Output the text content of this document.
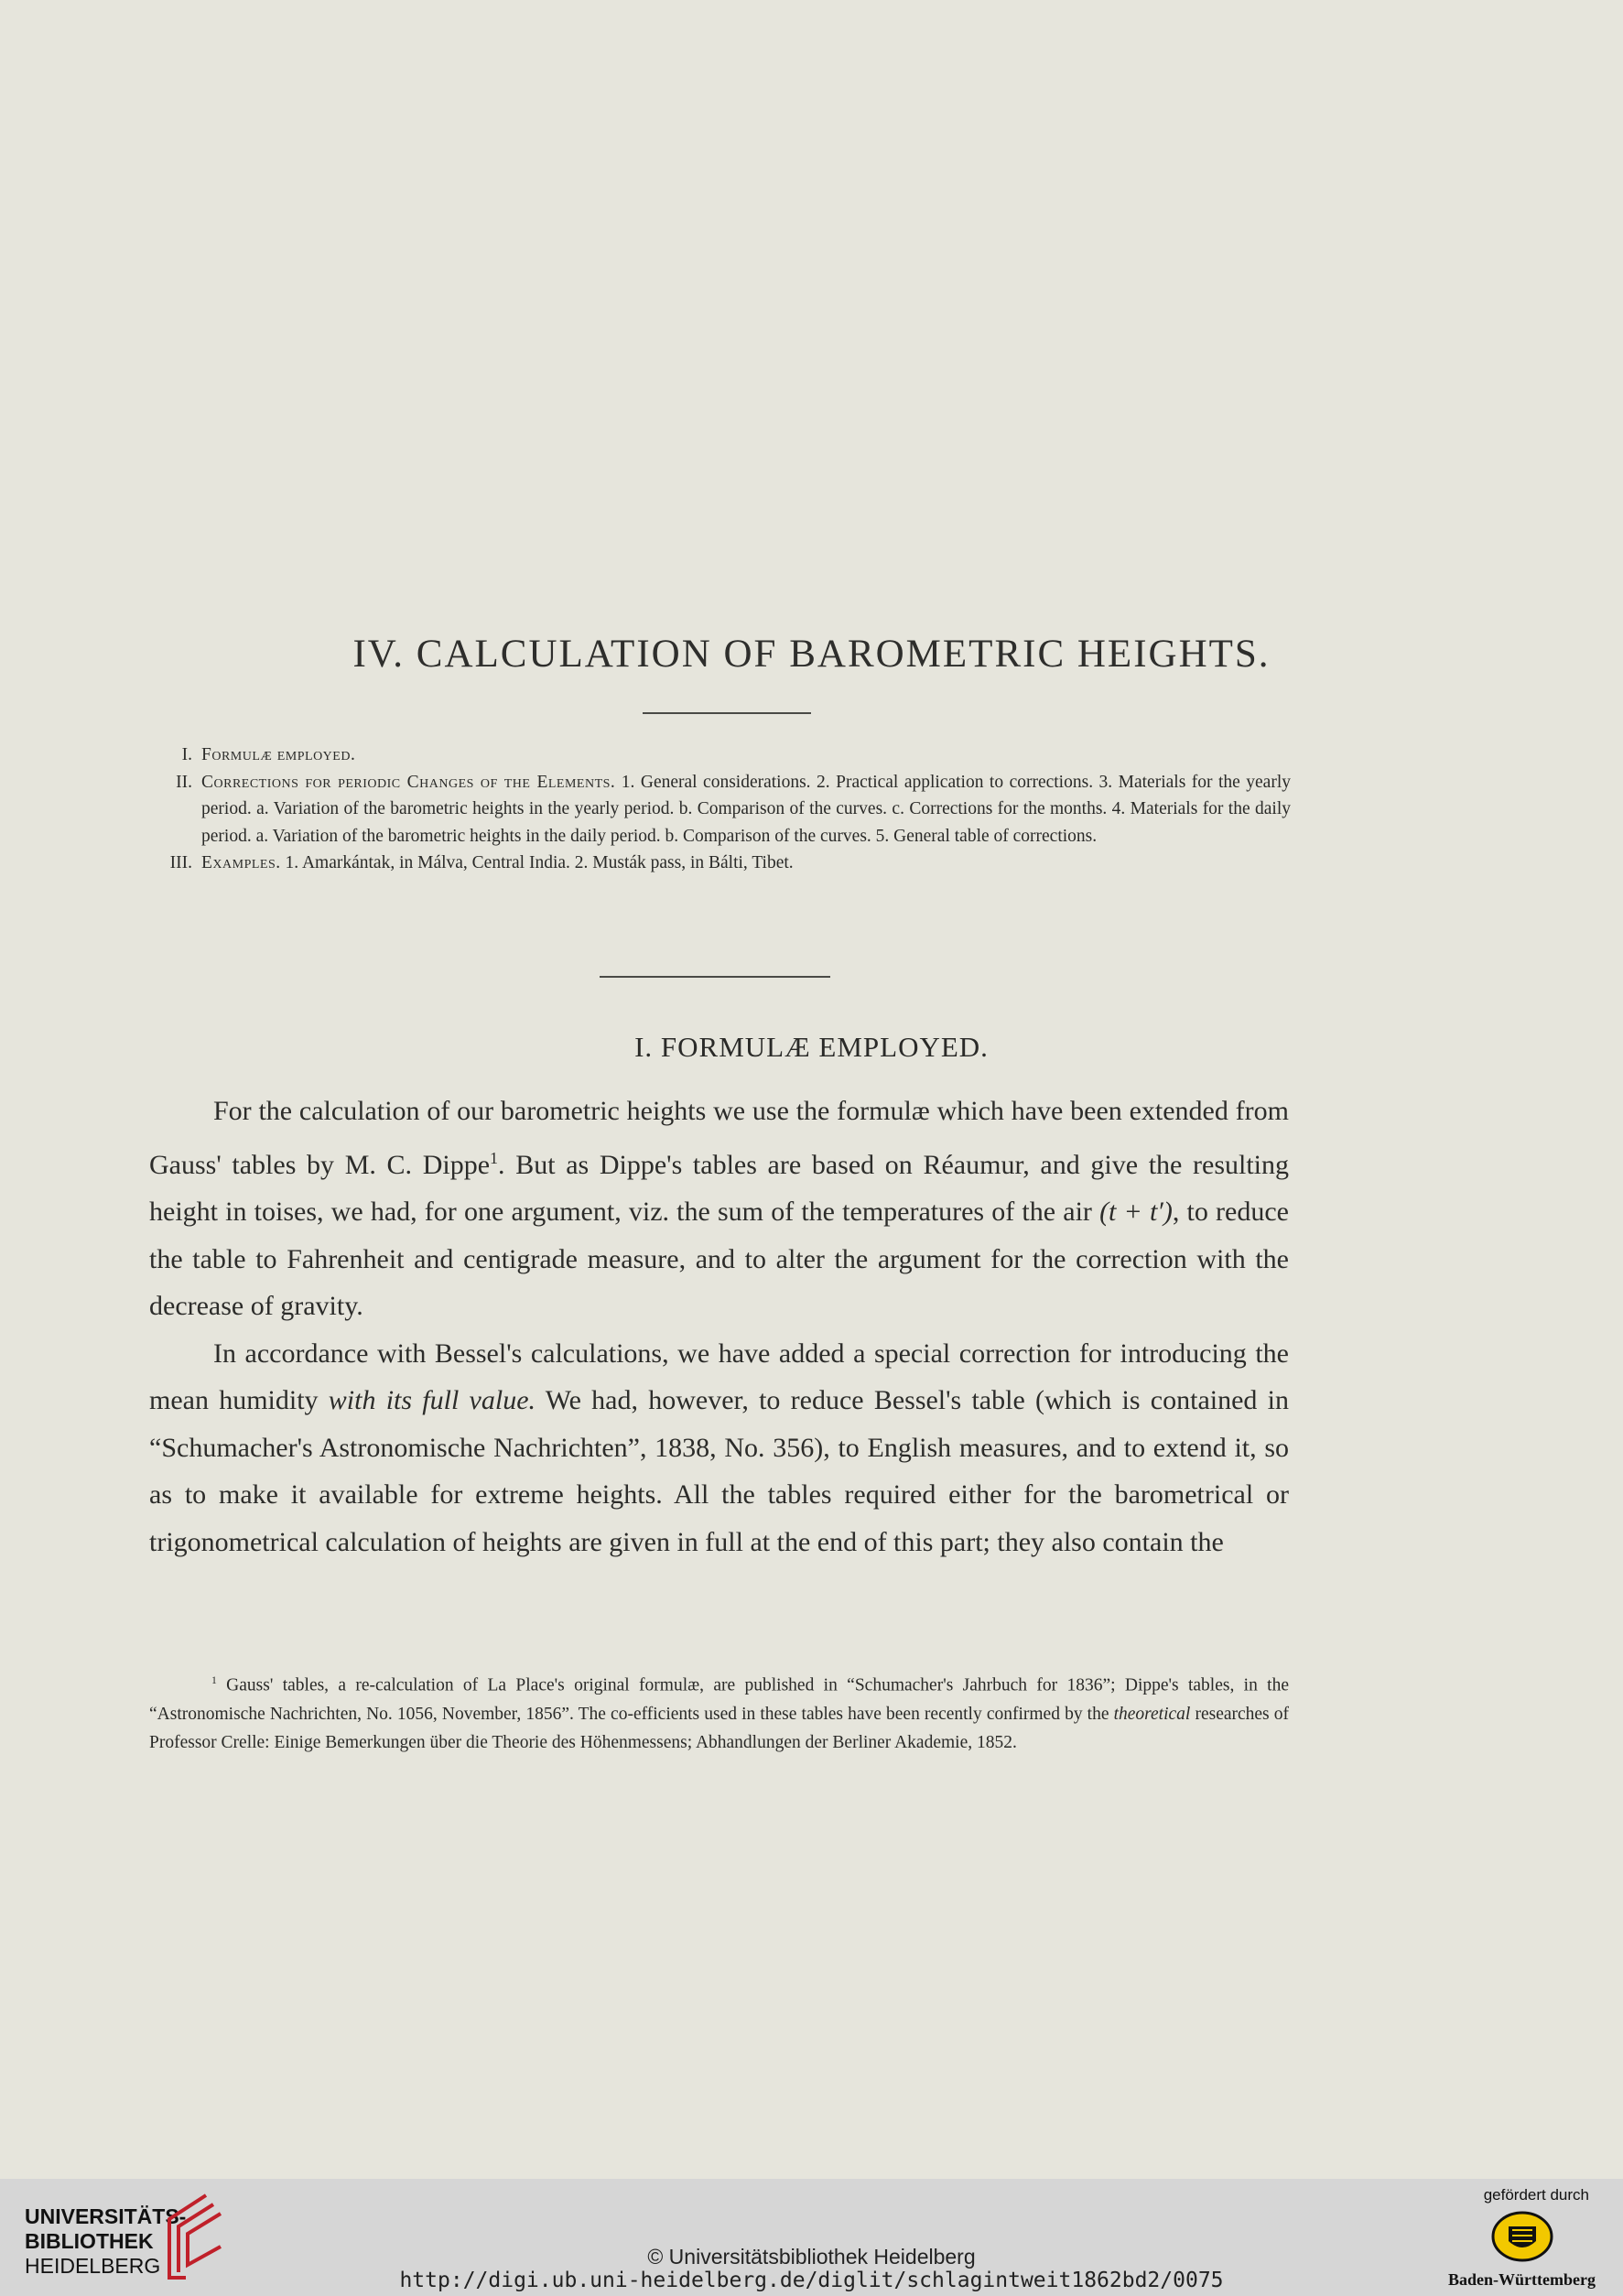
IV. CALCULATION OF BAROMETRIC HEIGHTS.
I. Formulæ employed.
II. Corrections for periodic Changes of the Elements. 1. General considerations. 2. Practical application to corrections. 3. Materials for the yearly period. a. Variation of the barometric heights in the yearly period. b. Comparison of the curves. c. Corrections for the months. 4. Materials for the daily period. a. Variation of the barometric heights in the daily period. b. Comparison of the curves. 5. General table of corrections.
III. Examples. 1. Amarkántak, in Málva, Central India. 2. Musták pass, in Bálti, Tibet.
I. FORMULÆ EMPLOYED.

For the calculation of our barometric heights we use the formulæ which have been extended from Gauss' tables by M. C. Dippe$^1$. But as Dippe's tables are based on Réaumur, and give the resulting height in toises, we had, for one argument, viz. the sum of the temperatures of the air (t + t′), to reduce the table to Fahrenheit and centigrade measure, and to alter the argument for the correction with the decrease of gravity.

In accordance with Bessel's calculations, we have added a special correction for introducing the mean humidity with its full value. We had, however, to reduce Bessel's table (which is contained in “Schumacher's Astronomische Nachrichten”, 1838, No. 356), to English measures, and to extend it, so as to make it available for extreme heights. All the tables required either for the barometrical or trigonometrical calculation of heights are given in full at the end of this part; they also contain the

$^1$ Gauss' tables, a re-calculation of La Place's original formulæ, are published in “Schumacher's Jahrbuch for 1836”; Dippe's tables, in the “Astronomische Nachrichten, No. 1056, November, 1856”. The co-efficients used in these tables have been recently confirmed by the theoretical researches of Professor Crelle: Einige Bemerkungen über die Theorie des Höhenmessens; Abhandlungen der Berliner Akademie, 1852.
UNIVERSITÄTS-
BIBLIOTHEK
HEIDELBERG	© Universitätsbibliothek Heidelberg
http://digi.ub.uni-heidelberg.de/diglit/schlagintweit1862bd2/0075
gefördert durch
Baden-Württemberg
